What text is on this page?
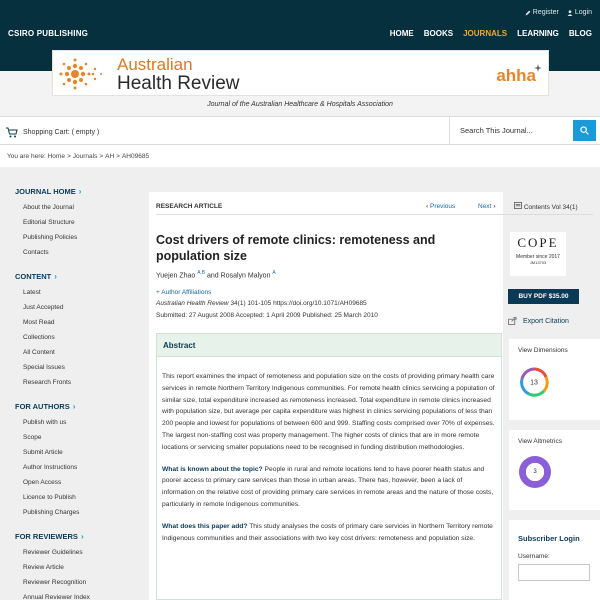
Register Login
CSIRO PUBLISHING	HOME BOOKS JOURNALS LEARNING BLOG
Australian
Health Review	ahha
Journal of the Australian Healthcare & Hospitals Association
Shopping Cart: ( empty )	Search This Journal...
You are here: Home > Journals > AH > AH09685
JOURNAL HOME ›
About the Journal
Editorial Structure
Publishing Policies
Contacts
CONTENT ›
Latest
Just Accepted
Most Read
Collections
All Content
Special Issues
Research Fronts
FOR AUTHORS ›
Publish with us
Scope
Submit Article
Author Instructions
Open Access
Licence to Publish
Publishing Charges
FOR REVIEWERS ›
Reviewer Guidelines
Review Article
Reviewer Recognition
Annual Reviewer Index
RESEARCH ARTICLE	‹ Previous	Next ›	Contents Vol 34(1)
Cost drivers of remote clinics: remoteness and population size
Yuejen Zhao $^{A B}$ and Rosalyn Malyon $^A$
+ Author Affiliations
Australian Health Review 34(1) 101-105 https://doi.org/10.1071/AH09685
Submitted: 27 August 2008 Accepted: 1 April 2009 Published: 25 March 2010
Abstract

This report examines the impact of remoteness and population size on the costs of providing primary health care services in remote Northern Territory Indigenous communities. For remote health clinics servicing a population of similar size, total expenditure increased as remoteness increased. Total expenditure in remote clinics increased with population size, but average per capita expenditure was highest in clinics servicing populations of less than 200 people and lowest for populations of between 600 and 999. Staffing costs comprised over 70% of expenses. The largest non-staffing cost was property management. The higher costs of clinics that are in more remote locations or servicing smaller populations need to be recognised in funding distribution methodologies.

What is known about the topic? People in rural and remote locations tend to have poorer health status and poorer access to primary care services than those in urban areas. There has, however, been a lack of information on the relative cost of providing primary care services in remote areas and the nature of those costs, particularly in remote Indigenous communities.

What does this paper add? This study analyses the costs of primary care services in Northern Territory remote Indigenous communities and their associations with two key cost drivers: remoteness and population size.

COPE
Member since 2017
JM13703
BUY PDF $35.00
Export Citation
View Dimensions
13
View Altmetrics
3
Subscriber Login
Username:
